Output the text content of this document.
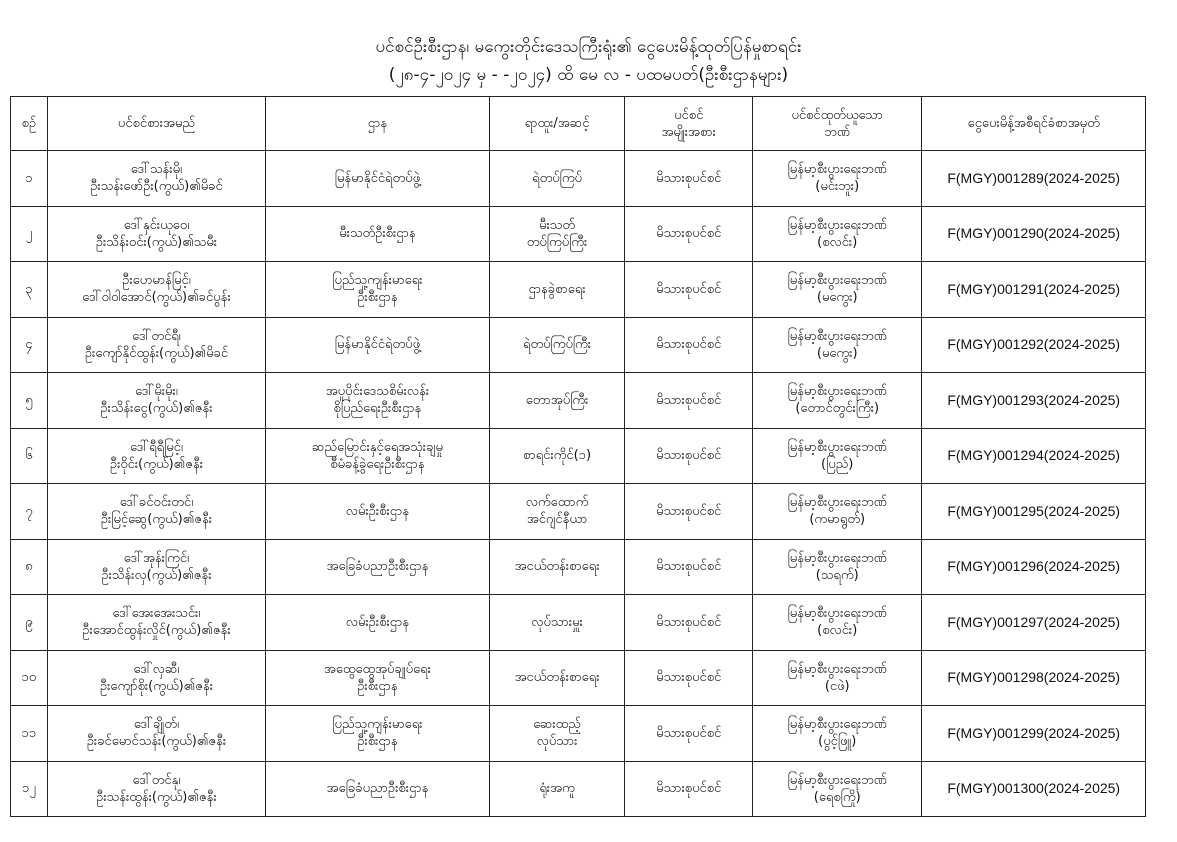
ပင်စင်ဦးစီးဌာန၊ မကွေးတိုင်းဒေသကြီးရုံး၏ ငွေပေးမိန့်ထုတ်ပြန်မှုစာရင်း
(၂၈-၄-၂၀၂၄ မှ - -၂၀၂၄) ထိ မေ လ - ပထမပတ်(ဦးစီးဌာနများ)
စဉ်	ပင်စင်စားအမည်	ဌာန	ရာထူး/အဆင့်	ပင်စင်
အမျိုးအစား	ပင်စင်ထုတ်ယူသော
ဘဏ်	ငွေပေးမိန့်အစီရင်ခံစာအမှတ်

၁	ဒေါ်သန်းမို၊
ဦးသန်းဖော်ဦး(ကွယ်)၏မိခင်	မြန်မာနိုင်ငံရဲတပ်ဖွဲ့	ရဲတပ်ကြပ်	မိသားစုပင်စင်	မြန်မာ့စီးပွားရေးဘဏ်
(မင်းဘူး)	F(MGY)001289(2024-2025)

၂	ဒေါ်နှင်းယုဝေ၊
ဦးသိန်းဝင်း(ကွယ်)၏သမီး	မီးသတ်ဦးစီးဌာန	မီးသတ်
တပ်ကြပ်ကြီး	မိသားစုပင်စင်	မြန်မာ့စီးပွားရေးဘဏ်
(စလင်း)	F(MGY)001290(2024-2025)

၃	ဦးဟေမာန်မြင့်၊
ဒေါ်ဝါဝါအောင်(ကွယ်)၏ခင်ပွန်း	ပြည်သူ့ကျန်းမာရေး
ဦးစီးဌာန	ဌာနခွဲစာရေး	မိသားစုပင်စင်	မြန်မာ့စီးပွားရေးဘဏ်
(မကွေး)	F(MGY)001291(2024-2025)

၄	ဒေါ်တင်ရီ၊
ဦးကျော်နိုင်ထွန်း(ကွယ်)၏မိခင်	မြန်မာနိုင်ငံရဲတပ်ဖွဲ့	ရဲတပ်ကြပ်ကြီး	မိသားစုပင်စင်	မြန်မာ့စီးပွားရေးဘဏ်
(မကွေး)	F(MGY)001292(2024-2025)

၅	ဒေါ်မိုးမိုး၊
ဦးသိန်းငွေ(ကွယ်)၏ဇနီး	အပူပိုင်းဒေသစိမ်းလန်း
စိုပြည်ရေးဦးစီးဌာန	တောအုပ်ကြီး	မိသားစုပင်စင်	မြန်မာ့စီးပွားရေးဘဏ်
(တောင်တွင်းကြီး)	F(MGY)001293(2024-2025)

၆	ဒေါ်ရီရီမြင့်၊
ဦးဝိုင်း(ကွယ်)၏ဇနီး	ဆည်မြောင်းနှင့်ရေအသုံးချမှု
စီမံခန့်ခွဲရေးဦးစီးဌာန	စာရင်းကိုင်(၁)	မိသားစုပင်စင်	မြန်မာ့စီးပွားရေးဘဏ်
(ပြည်)	F(MGY)001294(2024-2025)

၇	ဒေါ်ခင်ဝင်းတင်၊
ဦးမြင့်ဆွေ(ကွယ်)၏ဇနီး	လမ်းဦးစီးဌာန	လက်ထောက်
အင်ဂျင်နီယာ	မိသားစုပင်စင်	မြန်မာ့စီးပွားရေးဘဏ်
(ကမာရွတ်)	F(MGY)001295(2024-2025)

၈	ဒေါ်အုန်းကြင်၊
ဦးသိန်းလှ(ကွယ်)၏ဇနီး	အခြေခံပညာဦးစီးဌာန	အငယ်တန်းစာရေး	မိသားစုပင်စင်	မြန်မာ့စီးပွားရေးဘဏ်
(သရက်)	F(MGY)001296(2024-2025)

၉	ဒေါ်အေးအေးသင်း၊
ဦးအောင်ထွန်းလှိုင်(ကွယ်)၏ဇနီး	လမ်းဦးစီးဌာန	လုပ်သားမှူး	မိသားစုပင်စင်	မြန်မာ့စီးပွားရေးဘဏ်
(စလင်း)	F(MGY)001297(2024-2025)

၁၀	ဒေါ်လှဆီ၊
ဦးကျော်စိုး(ကွယ်)၏ဇနီး	အထွေထွေအုပ်ချုပ်ရေး
ဦးစီးဌာန	အငယ်တန်းစာရေး	မိသားစုပင်စင်	မြန်မာ့စီးပွားရေးဘဏ်
(ငဖဲ)	F(MGY)001298(2024-2025)

၁၁	ဒေါ်ချိုတ်၊
ဦးခင်မောင်သန်း(ကွယ်)၏ဇနီး	ပြည်သူ့ကျန်းမာရေး
ဦးစီးဌာန	ဆေးထည့်
လုပ်သား	မိသားစုပင်စင်	မြန်မာ့စီးပွားရေးဘဏ်
(ပွင့်ဖြူ)	F(MGY)001299(2024-2025)

၁၂	ဒေါ်တင်နု၊
ဦးသန်းထွန်း(ကွယ်)၏ဇနီး	အခြေခံပညာဦးစီးဌာန	ရုံးအကူ	မိသားစုပင်စင်	မြန်မာ့စီးပွားရေးဘဏ်
(ရေစကြို)	F(MGY)001300(2024-2025)
